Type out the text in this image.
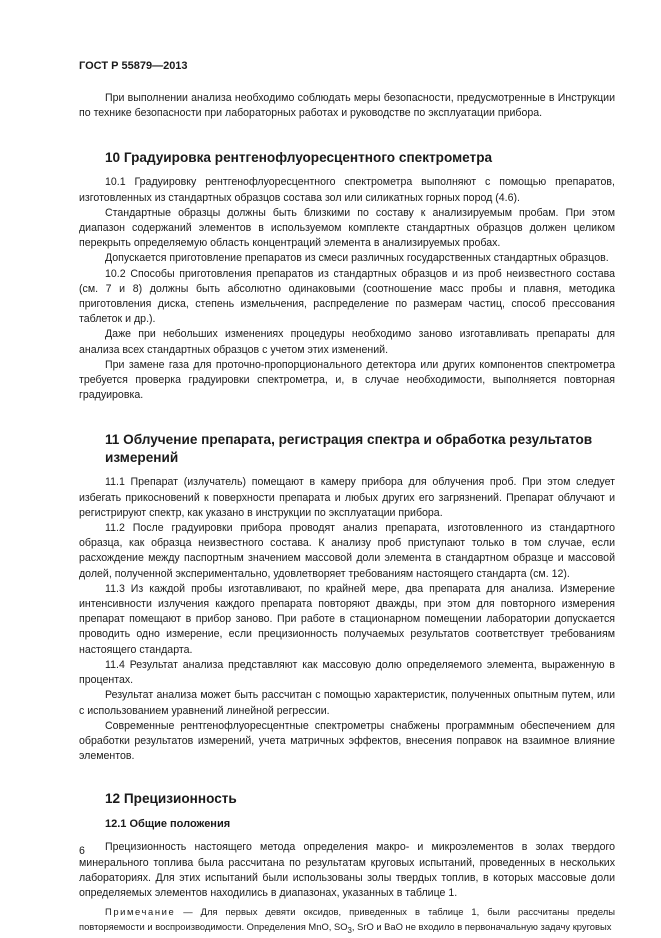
ГОСТ Р 55879—2013

При выполнении анализа необходимо соблюдать меры безопасности, предусмотренные в Инструкции по технике безопасности при лабораторных работах и руководстве по эксплуатации прибора.

10 Градуировка рентгенофлуоресцентного спектрометра

10.1 Градуировку рентгенофлуоресцентного спектрометра выполняют с помощью препаратов, изготовленных из стандартных образцов состава зол или силикатных горных пород (4.6).

Стандартные образцы должны быть близкими по составу к анализируемым пробам. При этом диапазон содержаний элементов в используемом комплекте стандартных образцов должен целиком перекрыть определяемую область концентраций элемента в анализируемых пробах.

Допускается приготовление препаратов из смеси различных государственных стандартных образцов.

10.2 Способы приготовления препаратов из стандартных образцов и из проб неизвестного состава (см. 7 и 8) должны быть абсолютно одинаковыми (соотношение масс пробы и плавня, методика приготовления диска, степень измельчения, распределение по размерам частиц, способ прессования таблеток и др.).

Даже при небольших изменениях процедуры необходимо заново изготавливать препараты для анализа всех стандартных образцов с учетом этих изменений.

При замене газа для проточно-пропорционального детектора или других компонентов спектрометра требуется проверка градуировки спектрометра, и, в случае необходимости, выполняется повторная градуировка.

11 Облучение препарата, регистрация спектра и обработка результатов измерений

11.1 Препарат (излучатель) помещают в камеру прибора для облучения проб. При этом следует избегать прикосновений к поверхности препарата и любых других его загрязнений. Препарат облучают и регистрируют спектр, как указано в инструкции по эксплуатации прибора.

11.2 После градуировки прибора проводят анализ препарата, изготовленного из стандартного образца, как образца неизвестного состава. К анализу проб приступают только в том случае, если расхождение между паспортным значением массовой доли элемента в стандартном образце и массовой долей, полученной экспериментально, удовлетворяет требованиям настоящего стандарта (см. 12).

11.3 Из каждой пробы изготавливают, по крайней мере, два препарата для анализа. Измерение интенсивности излучения каждого препарата повторяют дважды, при этом для повторного измерения препарат помещают в прибор заново. При работе в стационарном помещении лаборатории допускается проводить одно измерение, если прецизионность получаемых результатов соответствует требованиям настоящего стандарта.

11.4 Результат анализа представляют как массовую долю определяемого элемента, выраженную в процентах.

Результат анализа может быть рассчитан с помощью характеристик, полученных опытным путем, или с использованием уравнений линейной регрессии.

Современные рентгенофлуоресцентные спектрометры снабжены программным обеспечением для обработки результатов измерений, учета матричных эффектов, внесения поправок на взаимное влияние элементов.

12 Прецизионность
12.1 Общие положения

Прецизионность настоящего метода определения макро- и микроэлементов в золах твердого минерального топлива была рассчитана по результатам круговых испытаний, проведенных в нескольких лабораториях. Для этих испытаний были использованы золы твердых топлив, в которых массовые доли определяемых элементов находились в диапазонах, указанных в таблице 1.

Примечание — Для первых девяти оксидов, приведенных в таблице 1, были рассчитаны пределы повторяемости и воспроизводимости. Определения MnO, $SO_3$, SrO и BaO не входило в первоначальную задачу круговых

6
